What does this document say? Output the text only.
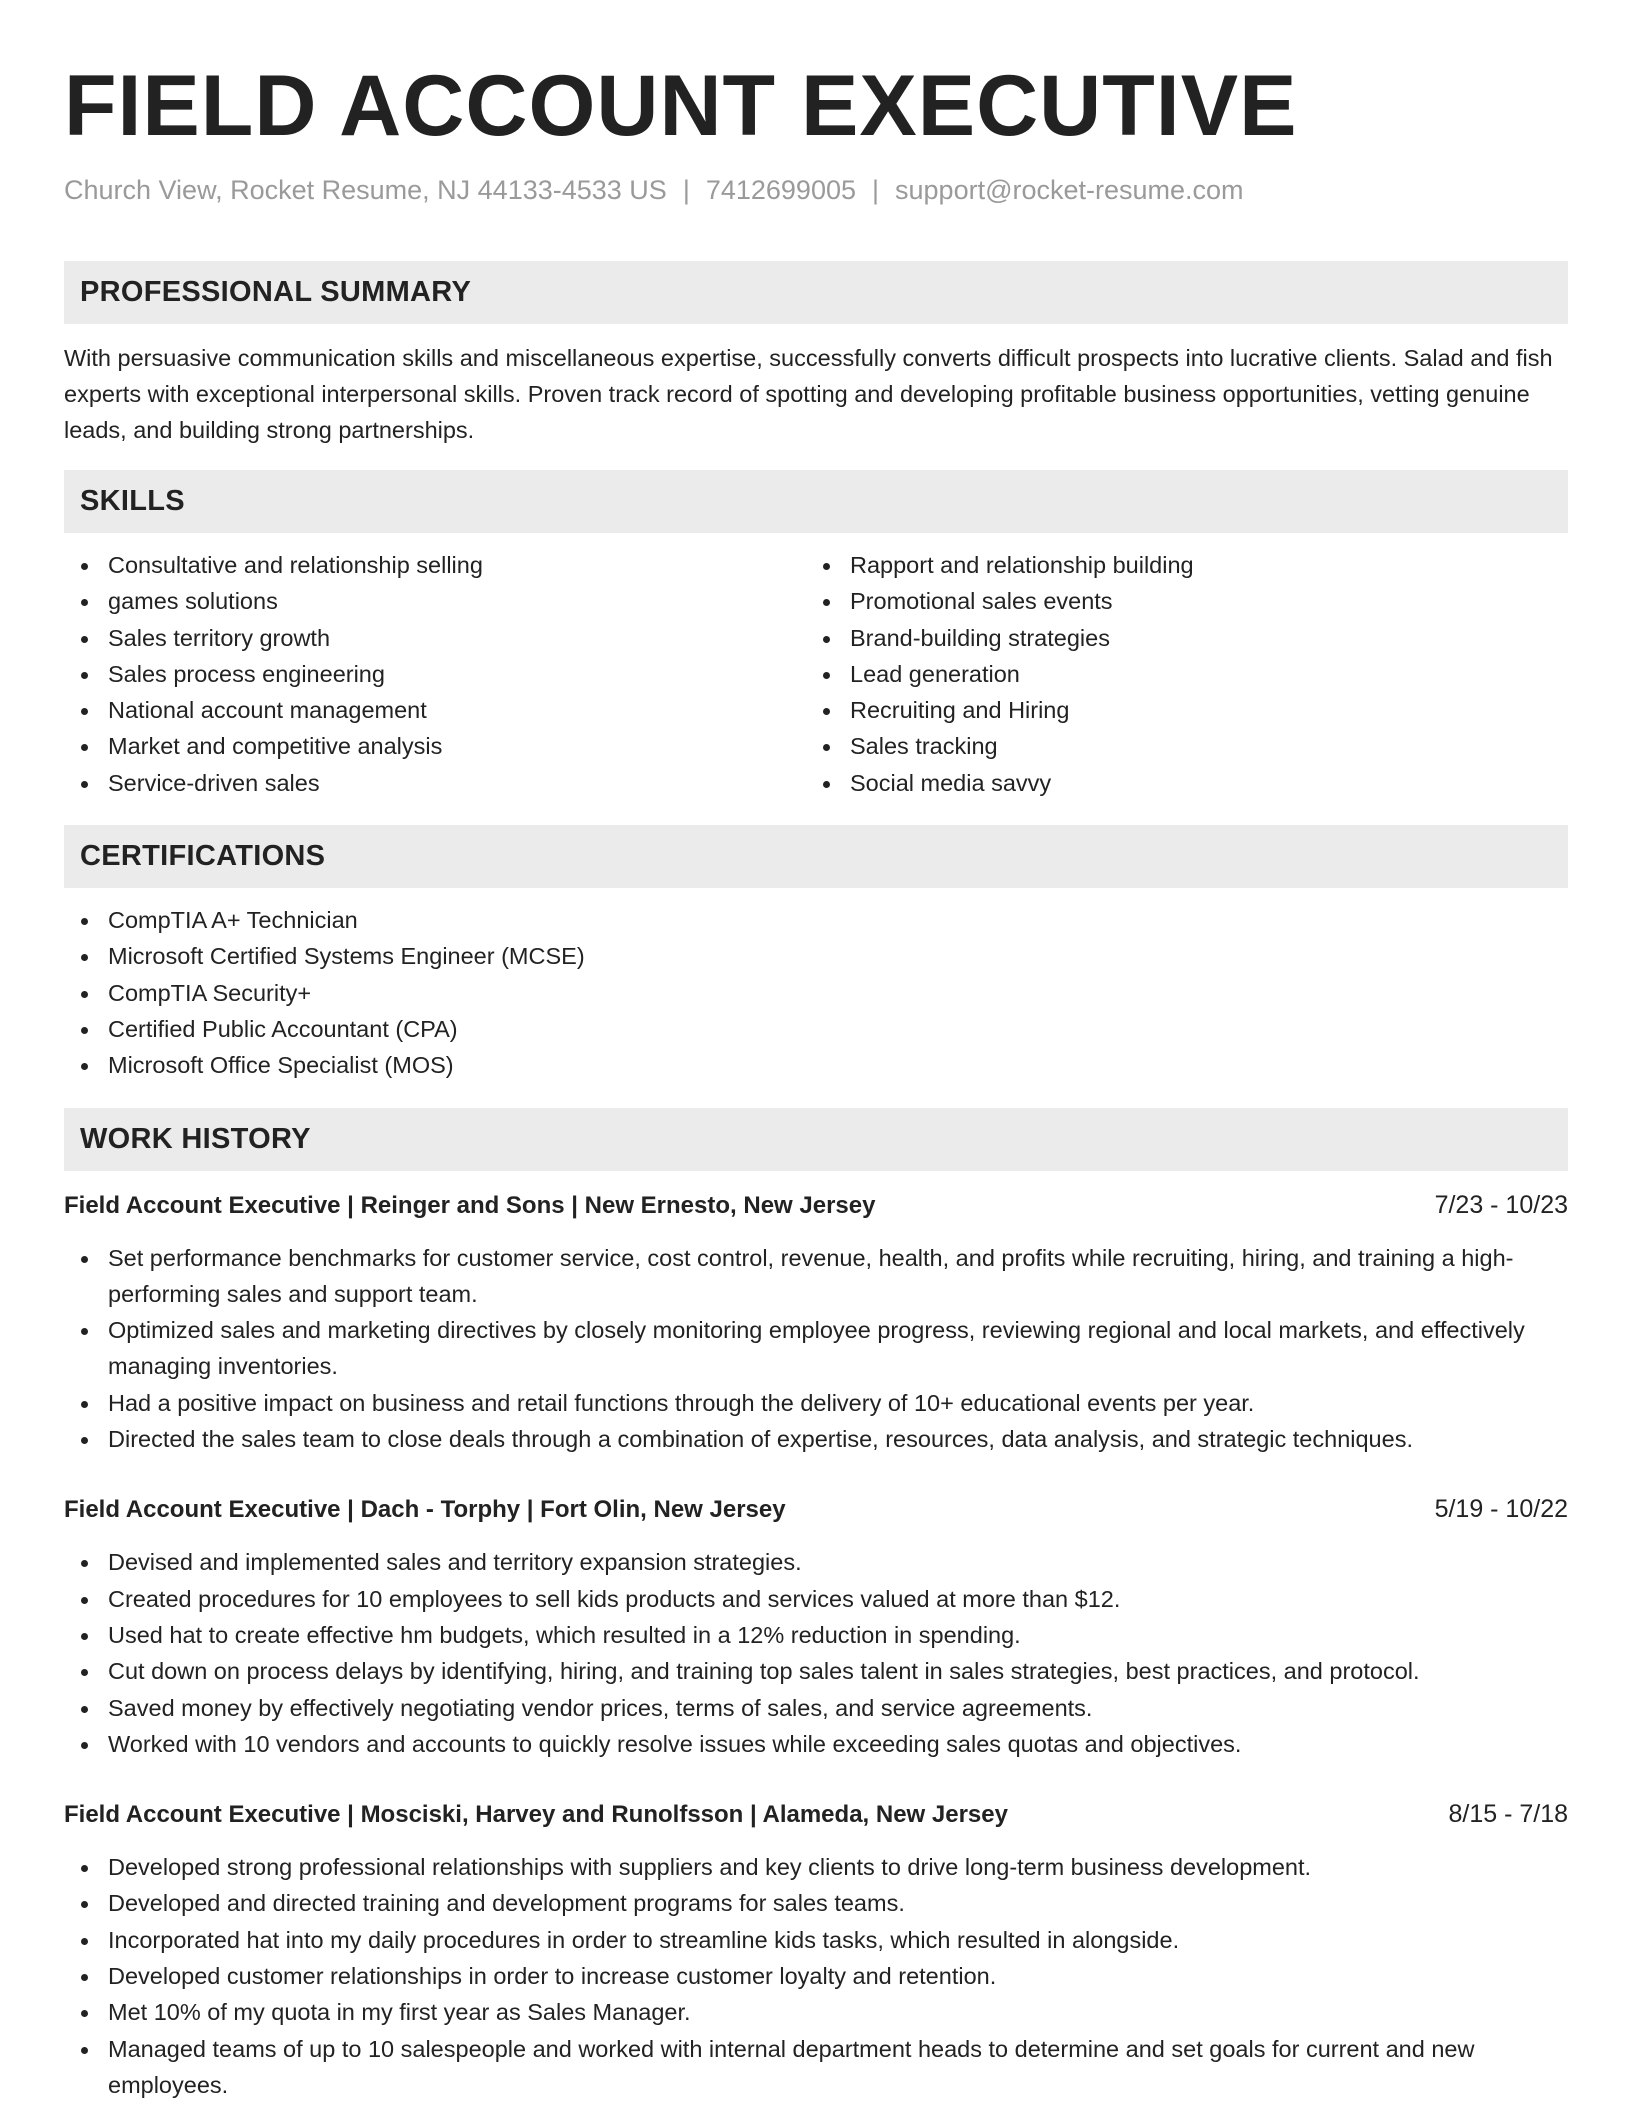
FIELD ACCOUNT EXECUTIVE
Church View, Rocket Resume, NJ 44133-4533 US | 7412699005 | support@rocket-resume.com
PROFESSIONAL SUMMARY

With persuasive communication skills and miscellaneous expertise, successfully converts difficult prospects into lucrative clients. Salad and fish experts with exceptional interpersonal skills. Proven track record of spotting and developing profitable business opportunities, vetting genuine leads, and building strong partnerships.

SKILLS
Consultative and relationship selling
games solutions
Sales territory growth
Sales process engineering
National account management
Market and competitive analysis
Service-driven sales
Rapport and relationship building
Promotional sales events
Brand-building strategies
Lead generation
Recruiting and Hiring
Sales tracking
Social media savvy
CERTIFICATIONS
CompTIA A+ Technician
Microsoft Certified Systems Engineer (MCSE)
CompTIA Security+
Certified Public Accountant (CPA)
Microsoft Office Specialist (MOS)
WORK HISTORY
Field Account Executive | Reinger and Sons | New Ernesto, New Jersey	7/23 - 10/23
Set performance benchmarks for customer service, cost control, revenue, health, and profits while recruiting, hiring, and training a high-performing sales and support team.
Optimized sales and marketing directives by closely monitoring employee progress, reviewing regional and local markets, and effectively managing inventories.
Had a positive impact on business and retail functions through the delivery of 10+ educational events per year.
Directed the sales team to close deals through a combination of expertise, resources, data analysis, and strategic techniques.
Field Account Executive | Dach - Torphy | Fort Olin, New Jersey	5/19 - 10/22
Devised and implemented sales and territory expansion strategies.
Created procedures for 10 employees to sell kids products and services valued at more than $12.
Used hat to create effective hm budgets, which resulted in a 12% reduction in spending.
Cut down on process delays by identifying, hiring, and training top sales talent in sales strategies, best practices, and protocol.
Saved money by effectively negotiating vendor prices, terms of sales, and service agreements.
Worked with 10 vendors and accounts to quickly resolve issues while exceeding sales quotas and objectives.
Field Account Executive | Mosciski, Harvey and Runolfsson | Alameda, New Jersey	8/15 - 7/18
Developed strong professional relationships with suppliers and key clients to drive long-term business development.
Developed and directed training and development programs for sales teams.
Incorporated hat into my daily procedures in order to streamline kids tasks, which resulted in alongside.
Developed customer relationships in order to increase customer loyalty and retention.
Met 10% of my quota in my first year as Sales Manager.
Managed teams of up to 10 salespeople and worked with internal department heads to determine and set goals for current and new employees.
